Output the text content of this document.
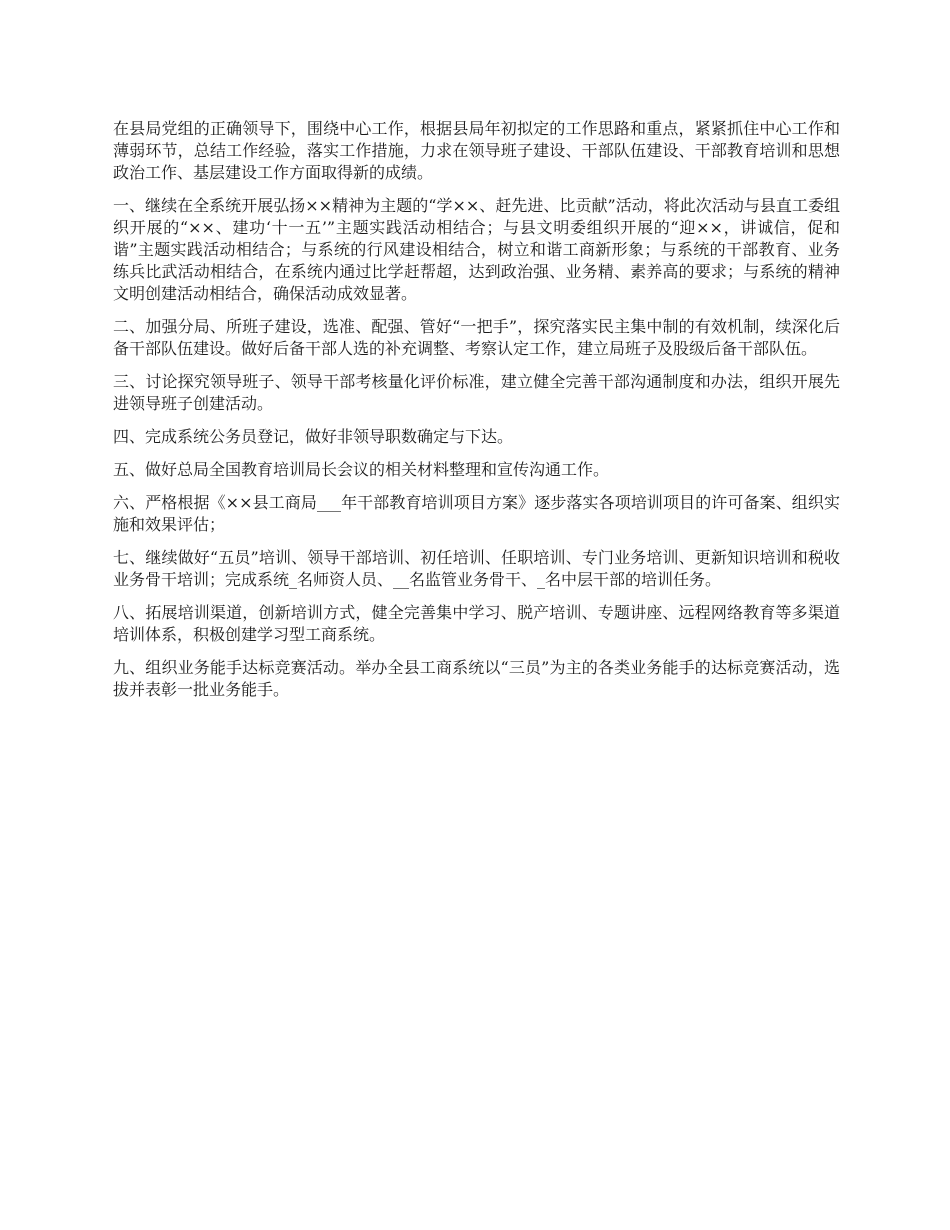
在县局党组的正确领导下，围绕中心工作，根据县局年初拟定的工作思路和重点，紧紧抓住中心工作和薄弱环节，总结工作经验，落实工作措施，力求在领导班子建设、干部队伍建设、干部教育培训和思想政治工作、基层建设工作方面取得新的成绩。

一、继续在全系统开展弘扬××精神为主题的“学××、赶先进、比贡献”活动，将此次活动与县直工委组织开展的“××、建功‘十一五’”主题实践活动相结合；与县文明委组织开展的“迎××，讲诚信，促和谐”主题实践活动相结合；与系统的行风建设相结合，树立和谐工商新形象；与系统的干部教育、业务练兵比武活动相结合，在系统内通过比学赶帮超，达到政治强、业务精、素养高的要求；与系统的精神文明创建活动相结合，确保活动成效显著。

二、加强分局、所班子建设，选准、配强、管好“一把手”，探究落实民主集中制的有效机制，续深化后备干部队伍建设。做好后备干部人选的补充调整、考察认定工作，建立局班子及股级后备干部队伍。

三、讨论探究领导班子、领导干部考核量化评价标准，建立健全完善干部沟通制度和办法，组织开展先进领导班子创建活动。

四、完成系统公务员登记，做好非领导职数确定与下达。

五、做好总局全国教育培训局长会议的相关材料整理和宣传沟通工作。

六、严格根据《××县工商局___年干部教育培训项目方案》逐步落实各项培训项目的许可备案、组织实施和效果评估；

七、继续做好“五员”培训、领导干部培训、初任培训、任职培训、专门业务培训、更新知识培训和税收业务骨干培训；完成系统_名师资人员、__名监管业务骨干、_名中层干部的培训任务。

八、拓展培训渠道，创新培训方式，健全完善集中学习、脱产培训、专题讲座、远程网络教育等多渠道培训体系，积极创建学习型工商系统。

九、组织业务能手达标竞赛活动。举办全县工商系统以“三员”为主的各类业务能手的达标竞赛活动，选拔并表彰一批业务能手。
